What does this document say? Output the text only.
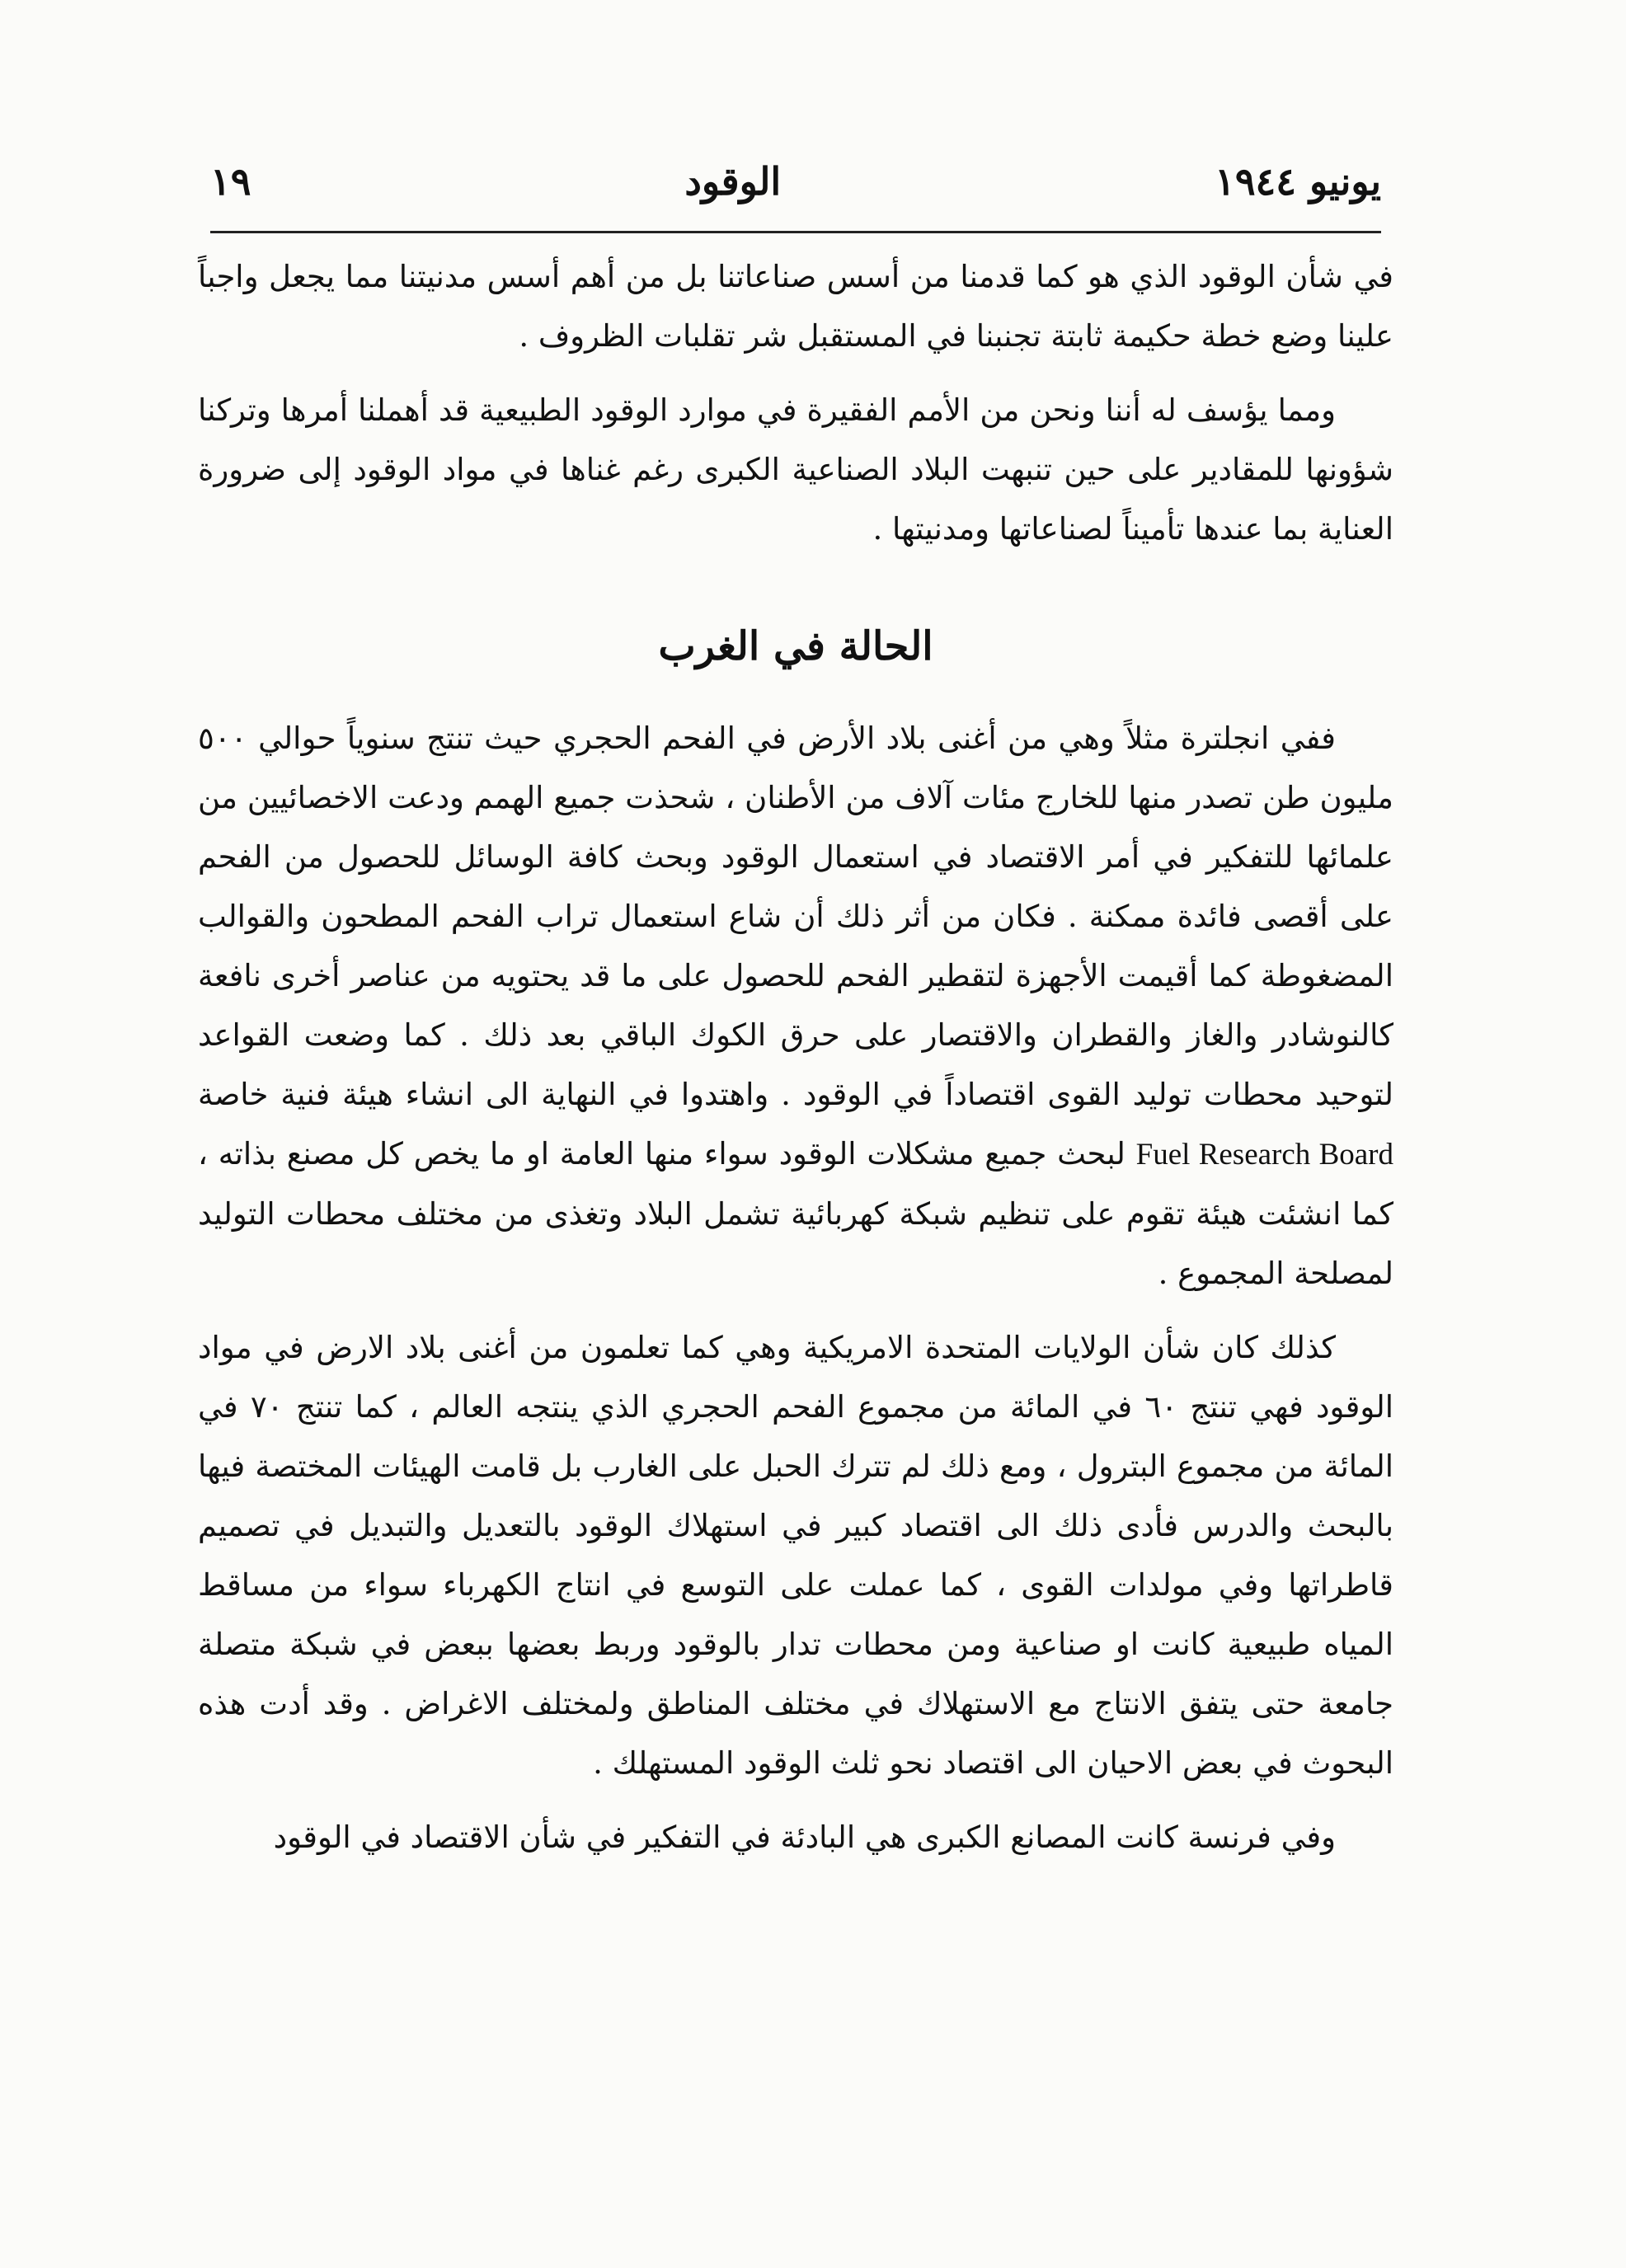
يونيو ١٩٤٤
الوقود
١٩

في شأن الوقود الذي هو كما قدمنا من أسس صناعاتنا بل من أهم أسس مدنيتنا مما يجعل واجباً علينا وضع خطة حكيمة ثابتة تجنبنا في المستقبل شر تقلبات الظروف .

ومما يؤسف له أننا ونحن من الأمم الفقيرة في موارد الوقود الطبيعية قد أهملنا أمرها وتركنا شؤونها للمقادير على حين تنبهت البلاد الصناعية الكبرى رغم غناها في مواد الوقود إلى ضرورة العناية بما عندها تأميناً لصناعاتها ومدنيتها .

الحالة في الغرب

ففي انجلترة مثلاً وهي من أغنى بلاد الأرض في الفحم الحجري حيث تنتج سنوياً حوالي ٥٠٠ مليون طن تصدر منها للخارج مئات آلاف من الأطنان ، شحذت جميع الهمم ودعت الاخصائيين من علمائها للتفكير في أمر الاقتصاد في استعمال الوقود وبحث كافة الوسائل للحصول من الفحم على أقصى فائدة ممكنة . فكان من أثر ذلك أن شاع استعمال تراب الفحم المطحون والقوالب المضغوطة كما أقيمت الأجهزة لتقطير الفحم للحصول على ما قد يحتويه من عناصر أخرى نافعة كالنوشادر والغاز والقطران والاقتصار على حرق الكوك الباقي بعد ذلك . كما وضعت القواعد لتوحيد محطات توليد القوى اقتصاداً في الوقود . واهتدوا في النهاية الى انشاء هيئة فنية خاصة Fuel Research Board لبحث جميع مشكلات الوقود سواء منها العامة او ما يخص كل مصنع بذاته ، كما انشئت هيئة تقوم على تنظيم شبكة كهربائية تشمل البلاد وتغذى من مختلف محطات التوليد لمصلحة المجموع .

كذلك كان شأن الولايات المتحدة الامريكية وهي كما تعلمون من أغنى بلاد الارض في مواد الوقود فهي تنتج ٦٠ في المائة من مجموع الفحم الحجري الذي ينتجه العالم ، كما تنتج ٧٠ في المائة من مجموع البترول ، ومع ذلك لم تترك الحبل على الغارب بل قامت الهيئات المختصة فيها بالبحث والدرس فأدى ذلك الى اقتصاد كبير في استهلاك الوقود بالتعديل والتبديل في تصميم قاطراتها وفي مولدات القوى ، كما عملت على التوسع في انتاج الكهرباء سواء من مساقط المياه طبيعية كانت او صناعية ومن محطات تدار بالوقود وربط بعضها ببعض في شبكة متصلة جامعة حتى يتفق الانتاج مع الاستهلاك في مختلف المناطق ولمختلف الاغراض . وقد أدت هذه البحوث في بعض الاحيان الى اقتصاد نحو ثلث الوقود المستهلك .

وفي فرنسة كانت المصانع الكبرى هي البادئة في التفكير في شأن الاقتصاد في الوقود
